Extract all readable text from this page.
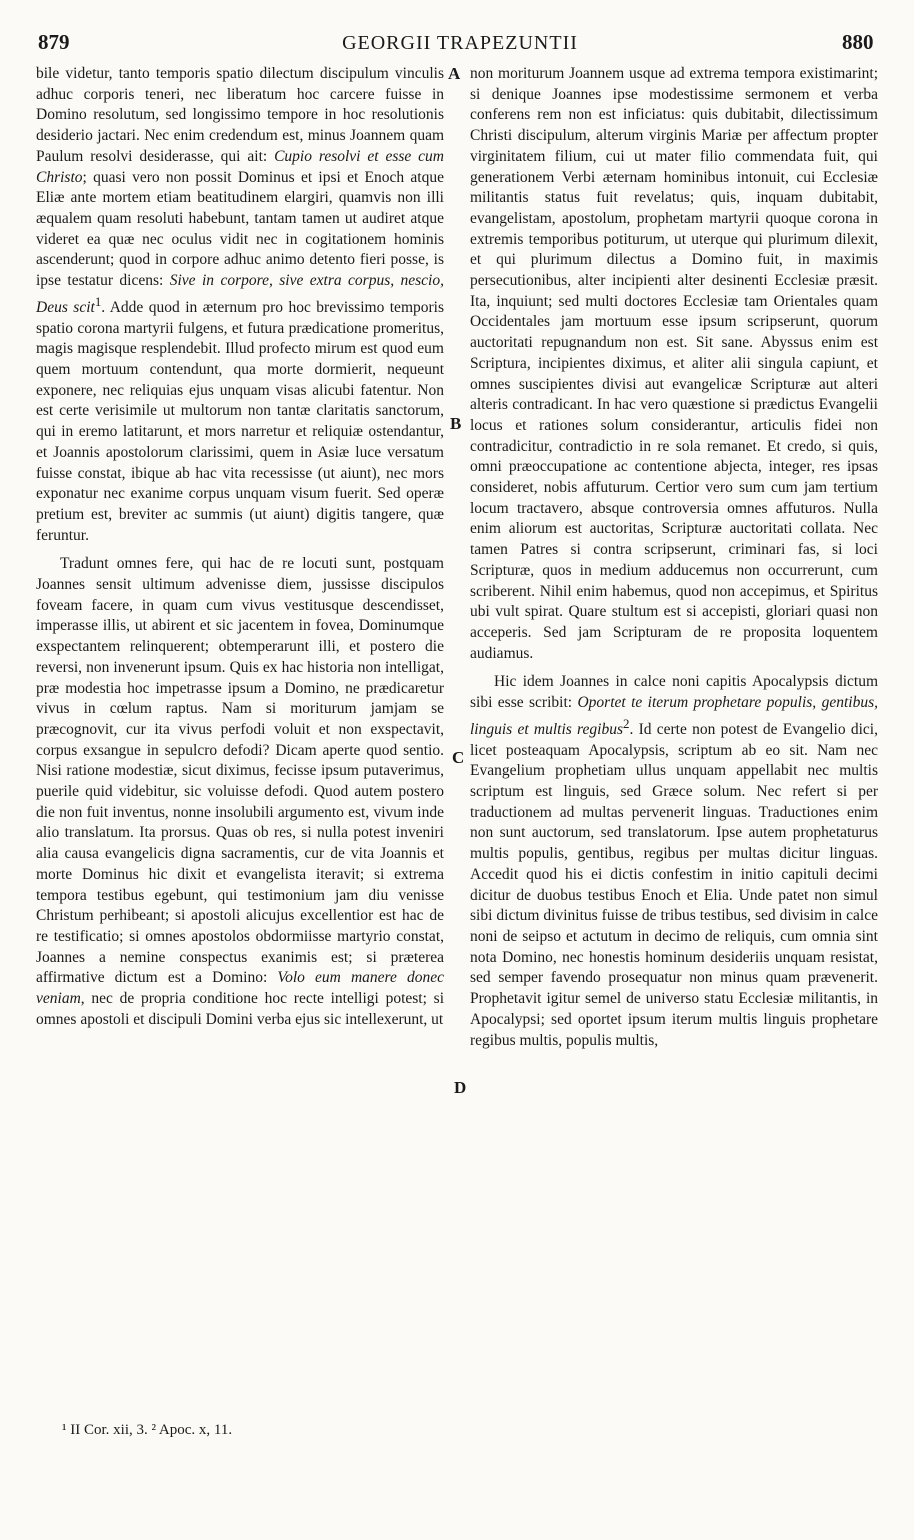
879	GEORGII TRAPEZUNTII	880
A
B
C
D

bile videtur, tanto temporis spatio dilectum discipulum vinculis adhuc corporis teneri, nec liberatum hoc carcere fuisse in Domino resolutum, sed longissimo tempore in hoc resolutionis desiderio jactari. Nec enim credendum est, minus Joannem quam Paulum resolvi desiderasse, qui ait: Cupio resolvi et esse cum Christo; quasi vero non possit Dominus et ipsi et Enoch atque Eliæ ante mortem etiam beatitudinem elargiri, quamvis non illi æqualem quam resoluti habebunt, tantam tamen ut audiret atque videret ea quæ nec oculus vidit nec in cogitationem hominis ascenderunt; quod in corpore adhuc animo detento fieri posse, is ipse testatur dicens: Sive in corpore, sive extra corpus, nescio, Deus scit$^1$. Adde quod in æternum pro hoc brevissimo temporis spatio corona martyrii fulgens, et futura prædicatione promeritus, magis magisque resplendebit. Illud profecto mirum est quod eum quem mortuum contendunt, qua morte dormierit, nequeunt exponere, nec reliquias ejus unquam visas alicubi fatentur. Non est certe verisimile ut multorum non tantæ claritatis sanctorum, qui in eremo latitarunt, et mors narretur et reliquiæ ostendantur, et Joannis apostolorum clarissimi, quem in Asiæ luce versatum fuisse constat, ibique ab hac vita recessisse (ut aiunt), nec mors exponatur nec exanime corpus unquam visum fuerit. Sed operæ pretium est, breviter ac summis (ut aiunt) digitis tangere, quæ feruntur.

Tradunt omnes fere, qui hac de re locuti sunt, postquam Joannes sensit ultimum advenisse diem, jussisse discipulos foveam facere, in quam cum vivus vestitusque descendisset, imperasse illis, ut abirent et sic jacentem in fovea, Dominumque exspectantem relinquerent; obtemperarunt illi, et postero die reversi, non invenerunt ipsum. Quis ex hac historia non intelligat, præ modestia hoc impetrasse ipsum a Domino, ne prædicaretur vivus in cœlum raptus. Nam si moriturum jamjam se præcognovit, cur ita vivus perfodi voluit et non exspectavit, corpus exsangue in sepulcro defodi? Dicam aperte quod sentio. Nisi ratione modestiæ, sicut diximus, fecisse ipsum putaverimus, puerile quid videbitur, sic voluisse defodi. Quod autem postero die non fuit inventus, nonne insolubili argumento est, vivum inde alio translatum. Ita prorsus. Quas ob res, si nulla potest inveniri alia causa evangelicis digna sacramentis, cur de vita Joannis et morte Dominus hic dixit et evangelista iteravit; si extrema tempora testibus egebunt, qui testimonium jam diu venisse Christum perhibeant; si apostoli alicujus excellentior est hac de re testificatio; si omnes apostolos obdormiisse martyrio constat, Joannes a nemine conspectus exanimis est; si præterea affirmative dictum est a Domino: Volo eum manere donec veniam, nec de propria conditione hoc recte intelligi potest; si omnes apostoli et discipuli Domini verba ejus sic intellexerunt, ut

non moriturum Joannem usque ad extrema tempora existimarint; si denique Joannes ipse modestissime sermonem et verba conferens rem non est inficiatus: quis dubitabit, dilectissimum Christi discipulum, alterum virginis Mariæ per affectum propter virginitatem filium, cui ut mater filio commendata fuit, qui generationem Verbi æternam hominibus intonuit, cui Ecclesiæ militantis status fuit revelatus; quis, inquam dubitabit, evangelistam, apostolum, prophetam martyrii quoque corona in extremis temporibus potiturum, ut uterque qui plurimum dilexit, et qui plurimum dilectus a Domino fuit, in maximis persecutionibus, alter incipienti alter desinenti Ecclesiæ præsit. Ita, inquiunt; sed multi doctores Ecclesiæ tam Orientales quam Occidentales jam mortuum esse ipsum scripserunt, quorum auctoritati repugnandum non est. Sit sane. Abyssus enim est Scriptura, incipientes diximus, et aliter alii singula capiunt, et omnes suscipientes divisi aut evangelicæ Scripturæ aut alteri alteris contradicant. In hac vero quæstione si prædictus Evangelii locus et rationes solum considerantur, articulis fidei non contradicitur, contradictio in re sola remanet. Et credo, si quis, omni præoccupatione ac contentione abjecta, integer, res ipsas consideret, nobis affuturum. Certior vero sum cum jam tertium locum tractavero, absque controversia omnes affuturos. Nulla enim aliorum est auctoritas, Scripturæ auctoritati collata. Nec tamen Patres si contra scripserunt, criminari fas, si loci Scripturæ, quos in medium adducemus non occurrerunt, cum scriberent. Nihil enim habemus, quod non accepimus, et Spiritus ubi vult spirat. Quare stultum est si accepisti, gloriari quasi non acceperis. Sed jam Scripturam de re proposita loquentem audiamus.

Hic idem Joannes in calce noni capitis Apocalypsis dictum sibi esse scribit: Oportet te iterum prophetare populis, gentibus, linguis et multis regibus$^2$. Id certe non potest de Evangelio dici, licet posteaquam Apocalypsis, scriptum ab eo sit. Nam nec Evangelium prophetiam ullus unquam appellabit nec multis scriptum est linguis, sed Græce solum. Nec refert si per traductionem ad multas pervenerit linguas. Traductiones enim non sunt auctorum, sed translatorum. Ipse autem prophetaturus multis populis, gentibus, regibus per multas dicitur linguas. Accedit quod his ei dictis confestim in initio capituli decimi dicitur de duobus testibus Enoch et Elia. Unde patet non simul sibi dictum divinitus fuisse de tribus testibus, sed divisim in calce noni de seipso et actutum in decimo de reliquis, cum omnia sint nota Domino, nec honestis hominum desideriis unquam resistat, sed semper favendo prosequatur non minus quam prævenerit. Prophetavit igitur semel de universo statu Ecclesiæ militantis, in Apocalypsi; sed oportet ipsum iterum multis linguis prophetare regibus multis, populis multis,

¹ II Cor. xii, 3. ² Apoc. x, 11.
